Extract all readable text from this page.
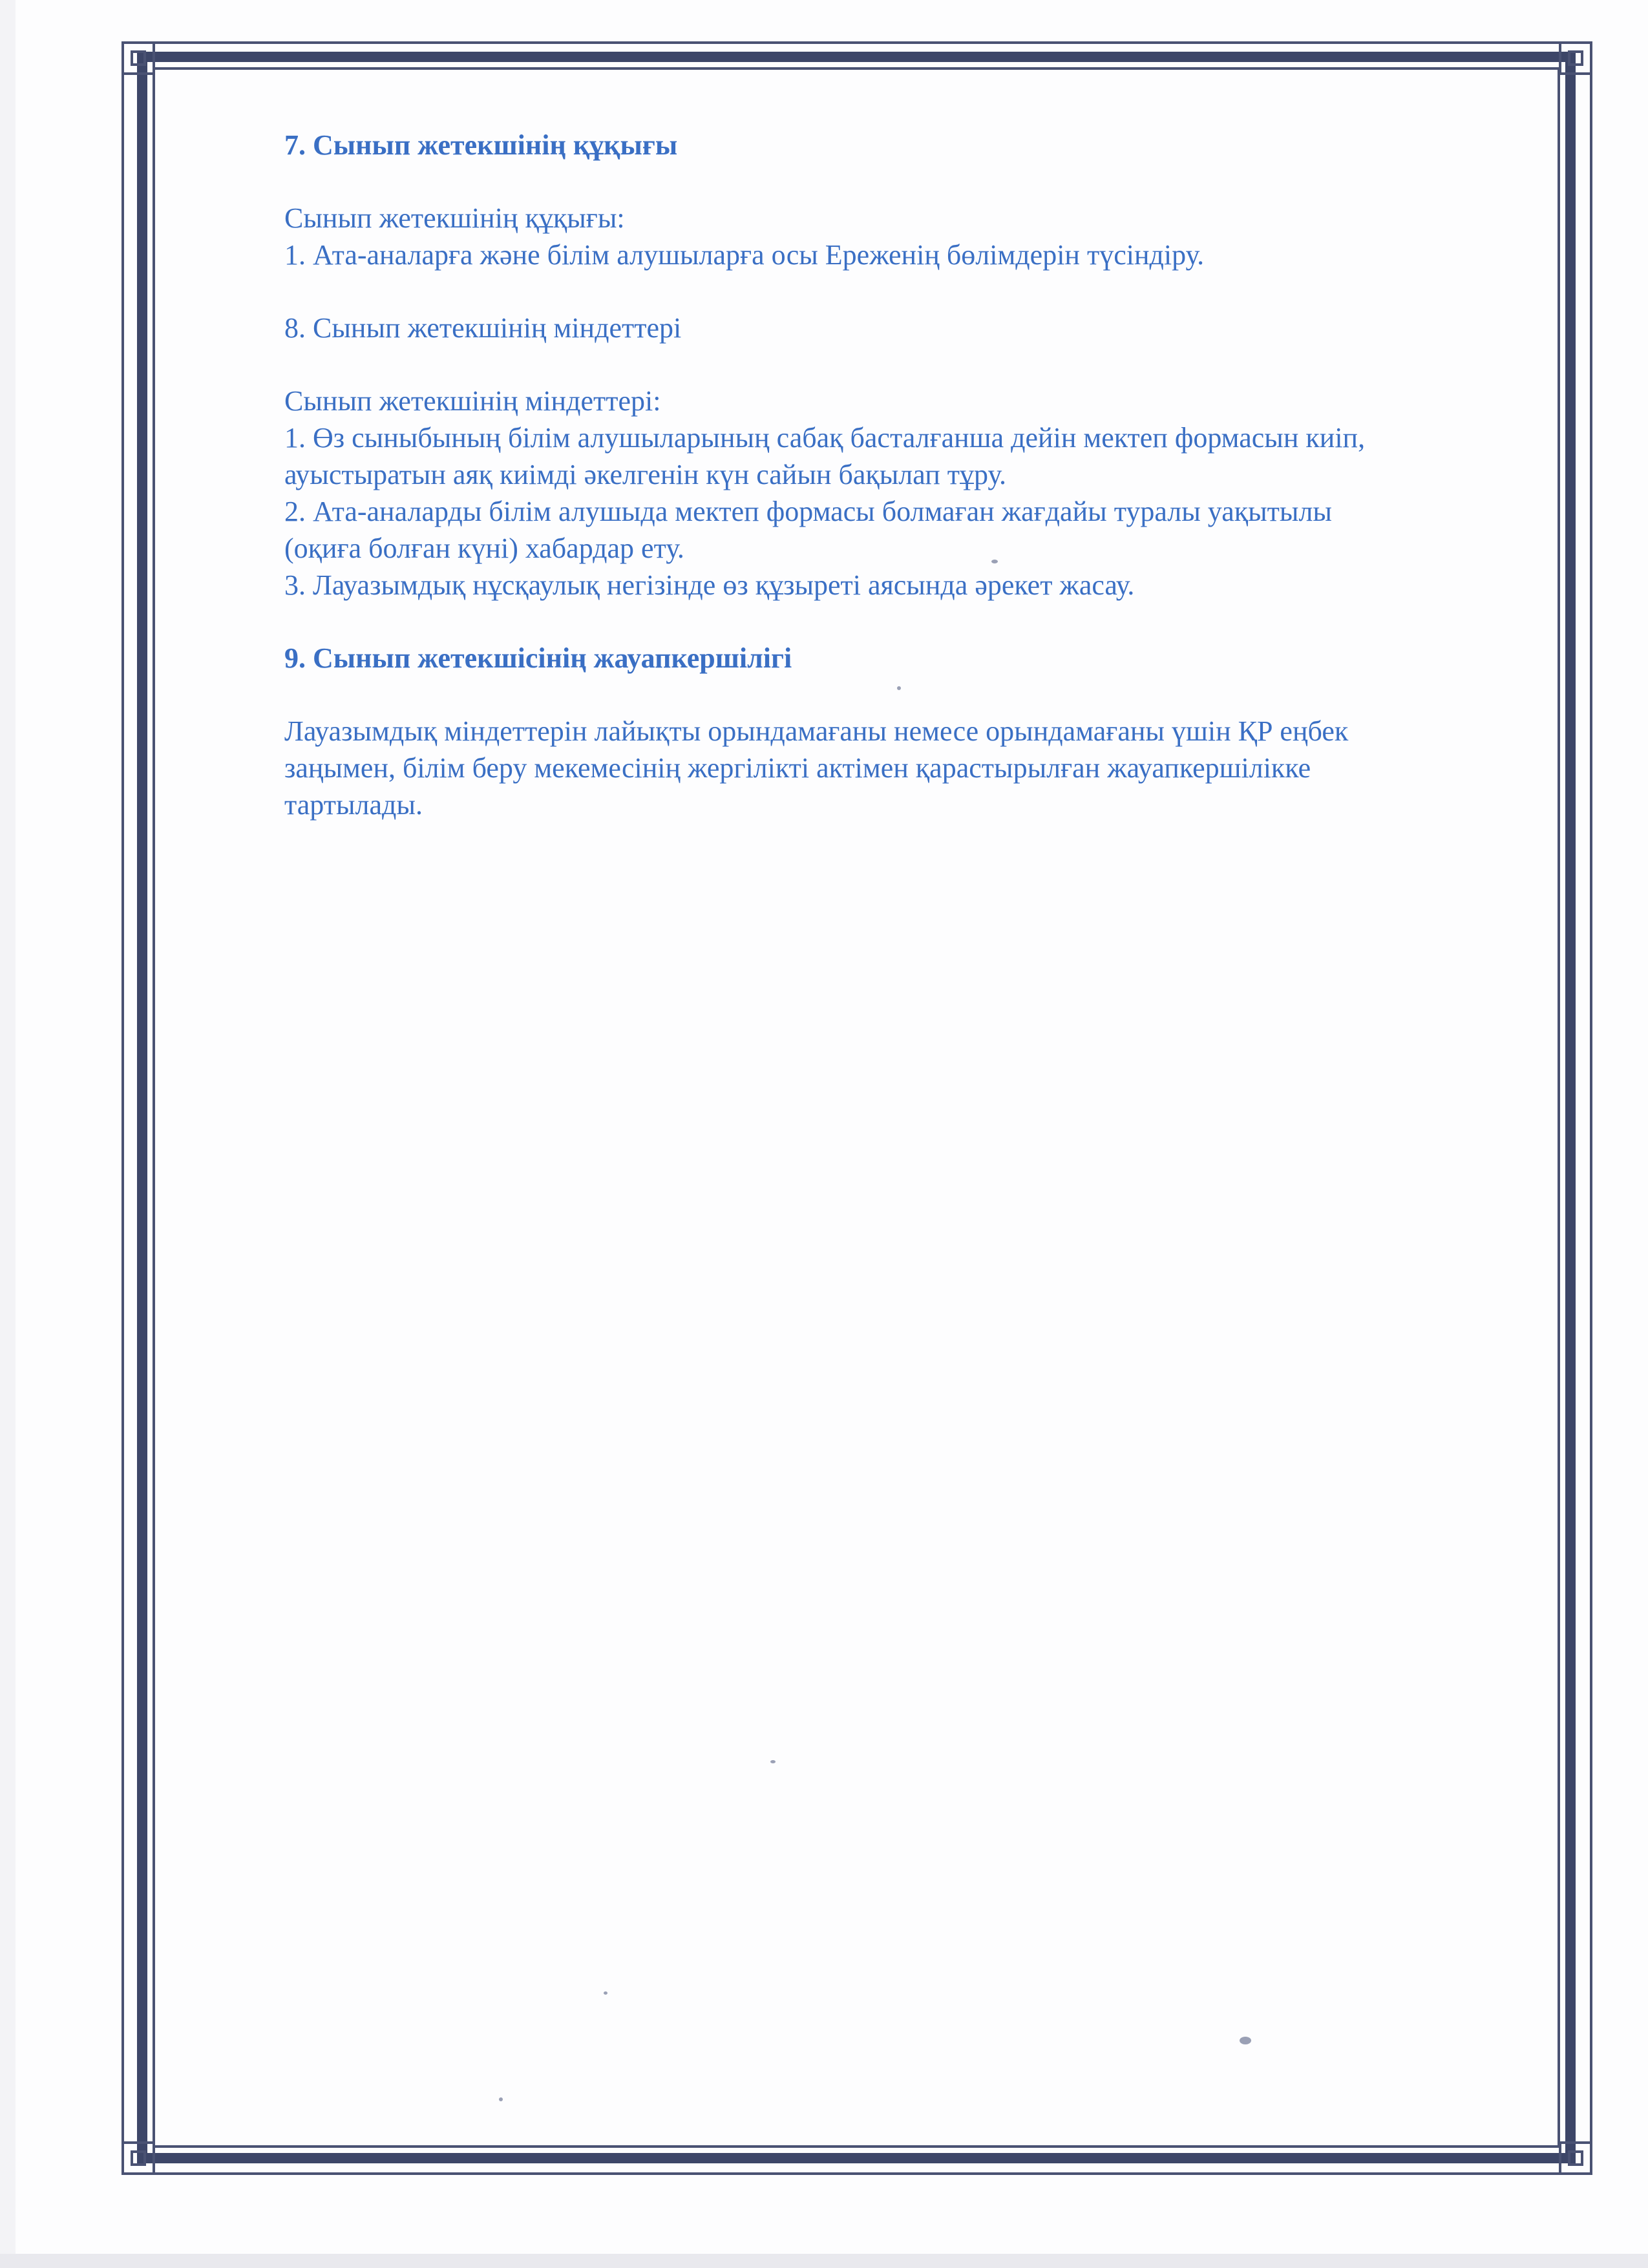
7. Сынып жетекшінің құқығы

Сынып жетекшінің құқығы:

1. Ата-аналарға және білім алушыларға осы Ереженің бөлімдерін түсіндіру.

8. Сынып жетекшінің міндеттері

Сынып жетекшінің міндеттері:

1. Өз сыныбының білім алушыларының сабақ басталғанша дейін мектеп формасын киіп,

ауыстыратын аяқ киімді әкелгенін күн сайын бақылап тұру.

2. Ата-аналарды білім алушыда мектеп формасы болмаған жағдайы туралы уақытылы

(оқиға болған күні) хабардар ету.

3. Лауазымдық нұсқаулық негізінде өз құзыреті аясында әрекет жасау.

9. Сынып жетекшісінің жауапкершілігі

Лауазымдық міндеттерін лайықты орындамағаны немесе орындамағаны үшін ҚР еңбек

заңымен, білім беру мекемесінің жергілікті актімен қарастырылған жауапкершілікке

тартылады.
